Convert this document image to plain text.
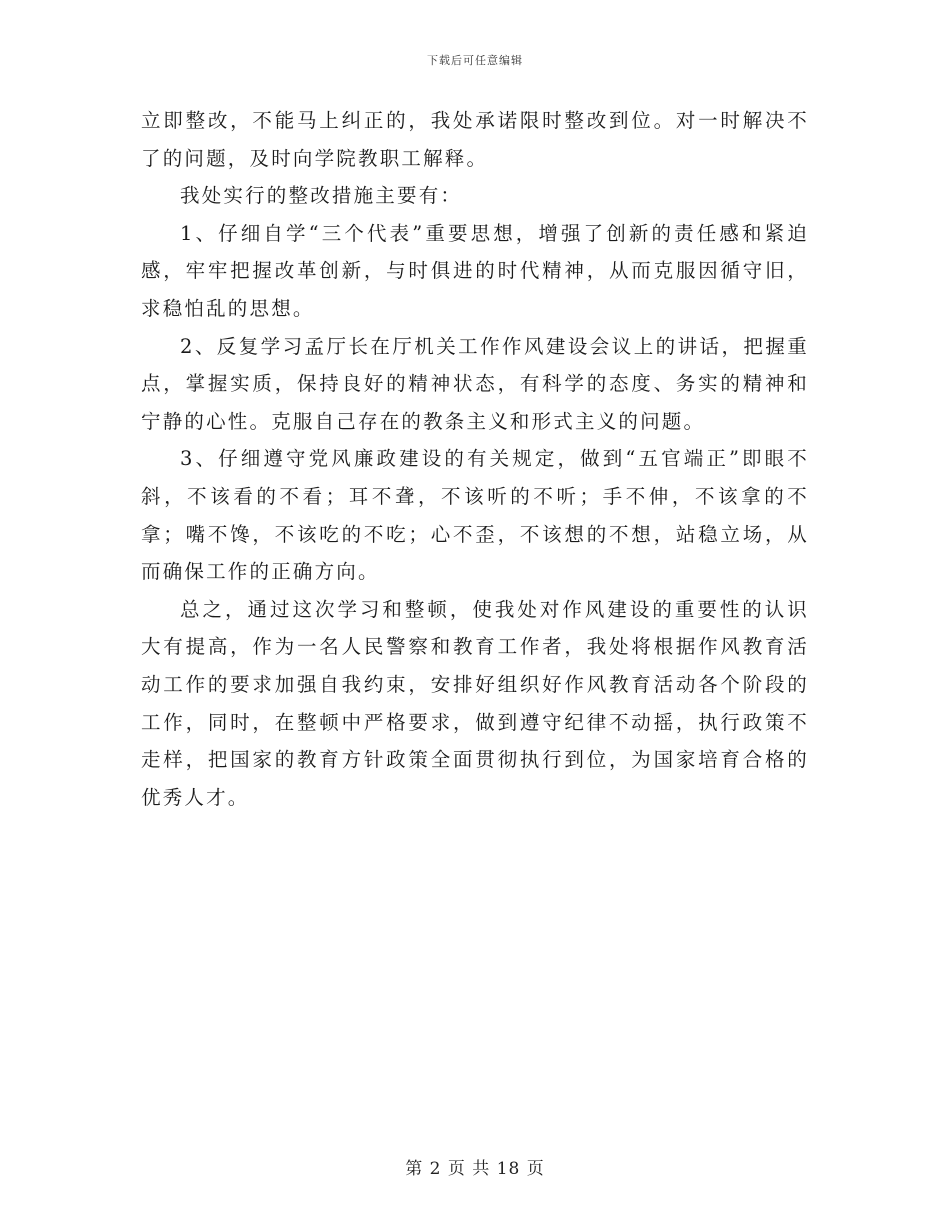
下载后可任意编辑

立即整改，不能马上纠正的，我处承诺限时整改到位。对一时解决不了的问题，及时向学院教职工解释。

我处实行的整改措施主要有：

1、仔细自学“三个代表”重要思想，增强了创新的责任感和紧迫感，牢牢把握改革创新，与时俱进的时代精神，从而克服因循守旧，求稳怕乱的思想。

2、反复学习孟厅长在厅机关工作作风建设会议上的讲话，把握重点，掌握实质，保持良好的精神状态，有科学的态度、务实的精神和宁静的心性。克服自己存在的教条主义和形式主义的问题。

3、仔细遵守党风廉政建设的有关规定，做到“五官端正”即眼不斜，不该看的不看；耳不聋，不该听的不听；手不伸，不该拿的不拿；嘴不馋，不该吃的不吃；心不歪，不该想的不想，站稳立场，从而确保工作的正确方向。

总之，通过这次学习和整顿，使我处对作风建设的重要性的认识大有提高，作为一名人民警察和教育工作者，我处将根据作风教育活动工作的要求加强自我约束，安排好组织好作风教育活动各个阶段的工作，同时，在整顿中严格要求，做到遵守纪律不动摇，执行政策不走样，把国家的教育方针政策全面贯彻执行到位，为国家培育合格的优秀人才。

第 2 页 共 18 页
